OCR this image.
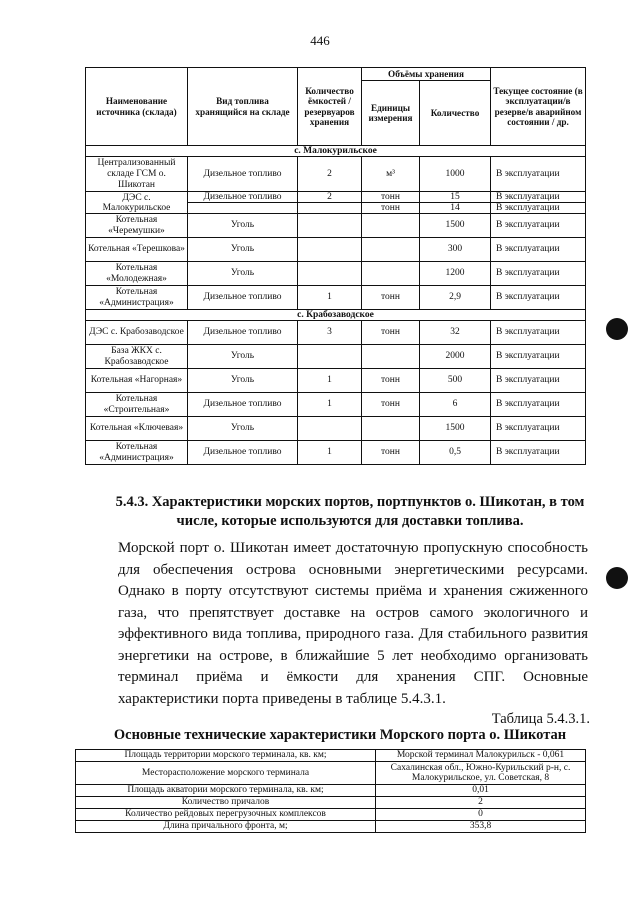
446
Наименование источника (склада)	Вид топлива хранящийся на складе	Количество ёмкостей / резервуаров хранения	Объёмы хранения		Текущее состояние (в эксплуатации/в резерве/в аварийном состоянии / др.
			Единицы измерения	Количество	
с. Малокурильское					
Централизованный складе ГСМ о. Шикотан	Дизельное топливо	2	м³	1000	В эксплуатации
ДЭС с. Малокурильское	Дизельное топливо	2	тонн	15	В эксплуатации
			тонн	14	В эксплуатации
Котельная «Черемушки»	Уголь			1500	В эксплуатации
Котельная «Терешкова»	Уголь			300	В эксплуатации
Котельная «Молодежная»	Уголь			1200	В эксплуатации
Котельная «Администрация»	Дизельное топливо	1	тонн	2,9	В эксплуатации
с. Крабозаводское					
ДЭС с. Крабозаводское	Дизельное топливо	3	тонн	32	В эксплуатации
База ЖКХ с. Крабозаводское	Уголь			2000	В эксплуатации
Котельная «Нагорная»	Уголь	1	тонн	500	В эксплуатации
Котельная «Строительная»	Дизельное топливо	1	тонн	6	В эксплуатации
Котельная «Ключевая»	Уголь			1500	В эксплуатации
Котельная «Администрация»	Дизельное топливо	1	тонн	0,5	В эксплуатации
5.4.3. Характеристики морских портов, портпунктов о. Шикотан, в том числе, которые используются для доставки топлива.
Морской порт о. Шикотан имеет достаточную пропускную способность для обеспечения острова основными энергетическими ресурсами. Однако в порту отсутствуют системы приёма и хранения сжиженного газа, что препятствует доставке на остров самого экологичного и эффективного вида топлива, природного газа. Для стабильного развития энергетики на острове, в ближайшие 5 лет необходимо организовать терминал приёма и ёмкости для хранения СПГ. Основные характеристики порта приведены в таблице 5.4.3.1.
Таблица 5.4.3.1.
Основные технические характеристики Морского порта о. Шикотан
Площадь территории морского терминала, кв. км;	Морской терминал Малокурильск - 0,061
Месторасположение морского терминала	Сахалинская обл., Южно-Курильский р-н, с. Малокурильское, ул. Советская, 8
Площадь акватории морского терминала, кв. км;	0,01
Количество причалов	2
Количество рейдовых перегрузочных комплексов	0
Длина причального фронта, м;	353,8
